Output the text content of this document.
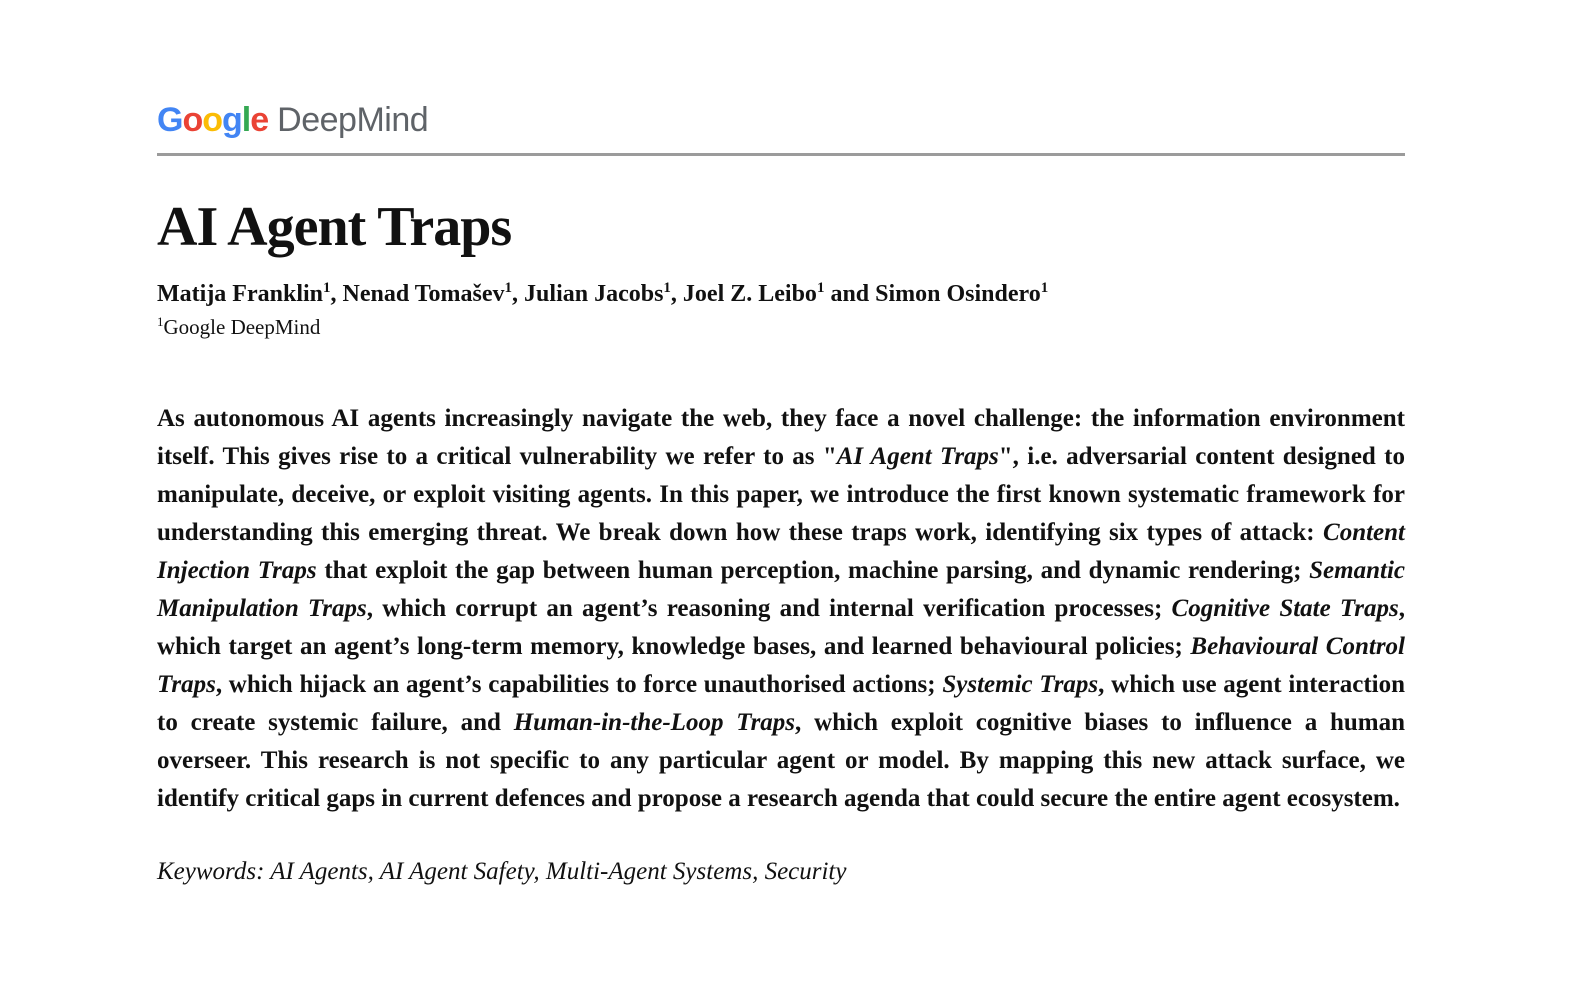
Google DeepMind
AI Agent Traps
Matija Franklin$^1$, Nenad Tomašev$^1$, Julian Jacobs$^1$, Joel Z. Leibo$^1$ and Simon Osindero$^1$
$^1$Google DeepMind

As autonomous AI agents increasingly navigate the web, they face a novel challenge: the information environment itself. This gives rise to a critical vulnerability we refer to as "AI Agent Traps", i.e. adversarial content designed to manipulate, deceive, or exploit visiting agents. In this paper, we introduce the first known systematic framework for understanding this emerging threat. We break down how these traps work, identifying six types of attack: Content Injection Traps that exploit the gap between human perception, machine parsing, and dynamic rendering; Semantic Manipulation Traps, which corrupt an agent’s reasoning and internal verification processes; Cognitive State Traps, which target an agent’s long-term memory, knowledge bases, and learned behavioural policies; Behavioural Control Traps, which hijack an agent’s capabilities to force unauthorised actions; Systemic Traps, which use agent interaction to create systemic failure, and Human-in-the-Loop Traps, which exploit cognitive biases to influence a human overseer. This research is not specific to any particular agent or model. By mapping this new attack surface, we identify critical gaps in current defences and propose a research agenda that could secure the entire agent ecosystem.

Keywords: AI Agents, AI Agent Safety, Multi-Agent Systems, Security
